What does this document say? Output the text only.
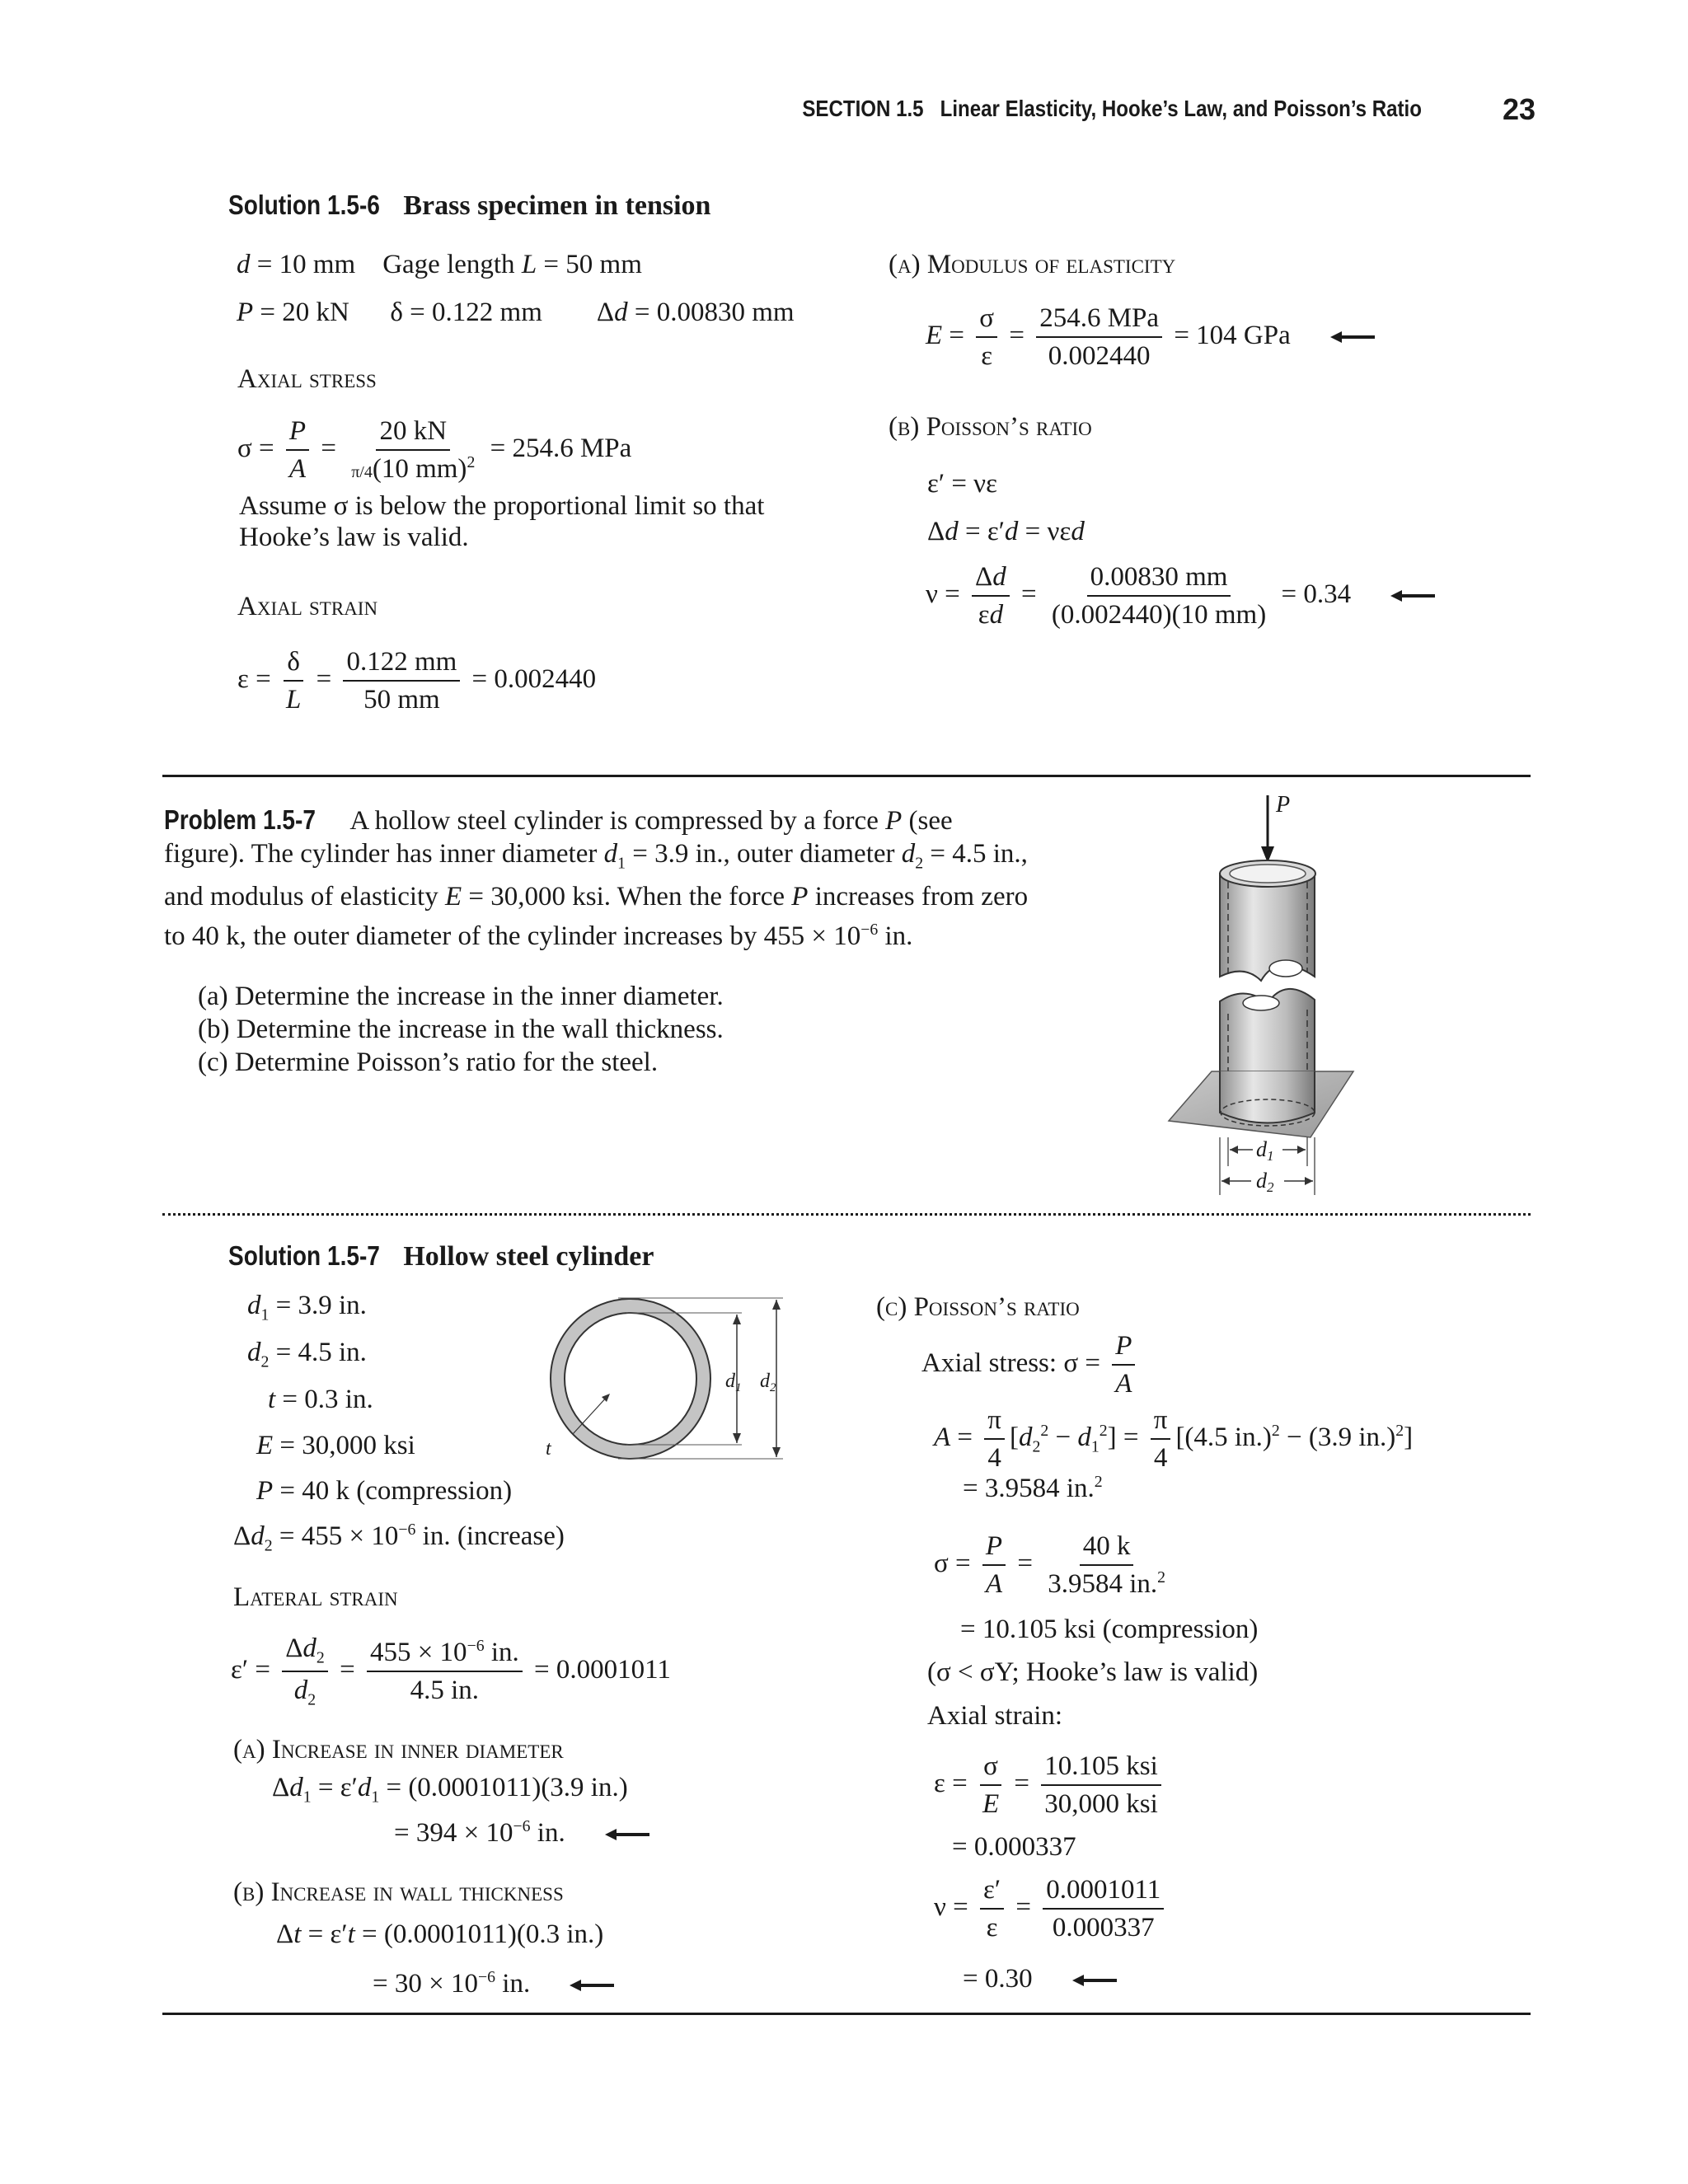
SECTION 1.5 Linear Elasticity, Hooke’s Law, and Poisson’s Ratio	23
Solution 1.5-6 Brass specimen in tension
d = 10 mm    Gage length L = 50 mm
P = 20 kN      δ = 0.122 mm        Δd = 0.00830 mm
Axial stress
$\sigma = \frac{P}{A} = \frac{20 kN}{\pi/4(10 mm)^2} = 254.6$ MPa
Assume σ is below the proportional limit so that
Hooke’s law is valid.
Axial strain
$\varepsilon = \frac{\delta}{L} = \frac{0.122 mm}{50 mm} = 0.002440$
(a) Modulus of elasticity
$E = \frac{\sigma}{\varepsilon} = \frac{\text{254.6 MPa}}{0.002440} = 104$ GPa
(b) Poisson’s ratio
ε′ = νε
Δd = ε′d = νεd
$\nu = \frac{\Delta d}{\varepsilon d} = \frac{0.00830 mm}{(0.002440)(10 mm)} = 0.34$
Problem 1.5-7   A hollow steel cylinder is compressed by a force P (see figure). The cylinder has inner diameter $d_1 = 3.9$ in., outer diameter $d_2 = 4.5$ in., and modulus of elasticity E = 30,000 ksi. When the force P increases from zero to 40 k, the outer diameter of the cylinder increases by $455 \times 10^{-6}$ in.
(a) Determine the increase in the inner diameter.
(b) Determine the increase in the wall thickness.
(c) Determine Poisson’s ratio for the steel.
P
d1
d2
Solution 1.5-7 Hollow steel cylinder
$d_1 = 3.9$ in.
$d_2 = 4.5$ in.
t = 0.3 in.
E = 30,000 ksi
P = 40 k (compression)
$\Delta d_2 = 455 \times 10^{-6}$ in. (increase)
$d_1$ $d_2$
t
Lateral strain
$\varepsilon' = \frac{\Delta d_2}{d_2} = \frac{455 \times 10^{-6} in.}{4.5 in.} = 0.0001011$
(a) Increase in inner diameter
$\Delta d_1 = \varepsilon'd_1 = (0.0001011)(3.9$ in.)
= $394 \times 10^{-6}$ in.
(b) Increase in wall thickness
Δt = ε′t = (0.0001011)(0.3 in.)
= $30 \times 10^{-6}$ in.
(c) Poisson’s ratio
Axial stress: $\sigma = \frac{P}{A}$
$A = \frac{\pi}{4} [d_2^2 - d_1^2] = \frac{\pi}{4} [(4.5$ in.)$^2$ − (3.9 in.)$^2$]
= 3.9584 in.$^2$
$\sigma = \frac{P}{A} = \frac{40 k}{3.9584 in.^2}$
= 10.105 ksi (compression)
(σ < σY; Hooke’s law is valid)
Axial strain:
$\varepsilon = \frac{\sigma}{E} = \frac{\text{10.105 ksi}}{\text{30,000 ksi}}$
= 0.000337
$\nu = \frac{\varepsilon'}{\varepsilon} = \frac{0.0001011}{0.000337}$
= 0.30
